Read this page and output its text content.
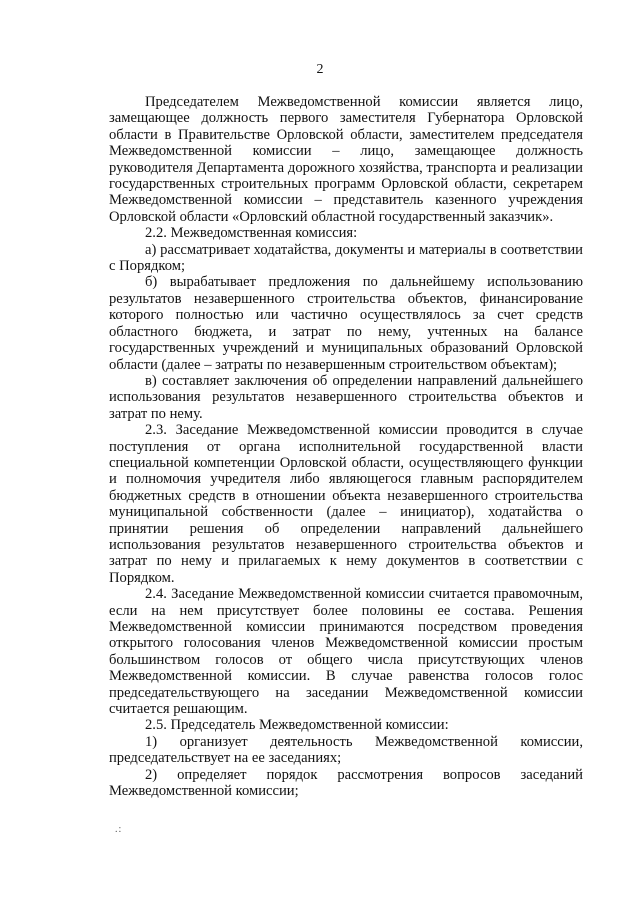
2

Председателем Межведомственной комиссии является лицо, замещающее должность первого заместителя Губернатора Орловской области в Правительстве Орловской области, заместителем председателя Межведомственной комиссии – лицо, замещающее должность руководителя Департамента дорожного хозяйства, транспорта и реализации государственных строительных программ Орловской области, секретарем Межведомственной комиссии – представитель казенного учреждения Орловской области «Орловский областной государственный заказчик».

2.2. Межведомственная комиссия:

а) рассматривает ходатайства, документы и материалы в соответствии с Порядком;

б) вырабатывает предложения по дальнейшему использованию результатов незавершенного строительства объектов, финансирование которого полностью или частично осуществлялось за счет средств областного бюджета, и затрат по нему, учтенных на балансе государственных учреждений и муниципальных образований Орловской области (далее – затраты по незавершенным строительством объектам);

в) составляет заключения об определении направлений дальнейшего использования результатов незавершенного строительства объектов и затрат по нему.

2.3. Заседание Межведомственной комиссии проводится в случае поступления от органа исполнительной государственной власти специальной компетенции Орловской области, осуществляющего функции и полномочия учредителя либо являющегося главным распорядителем бюджетных средств в отношении объекта незавершенного строительства муниципальной собственности (далее – инициатор), ходатайства о принятии решения об определении направлений дальнейшего использования результатов незавершенного строительства объектов и затрат по нему и прилагаемых к нему документов в соответствии с Порядком.

2.4. Заседание Межведомственной комиссии считается правомочным, если на нем присутствует более половины ее состава. Решения Межведомственной комиссии принимаются посредством проведения открытого голосования членов Межведомственной комиссии простым большинством голосов от общего числа присутствующих членов Межведомственной комиссии. В случае равенства голосов голос председательствующего на заседании Межведомственной комиссии считается решающим.

2.5. Председатель Межведомственной комиссии:

1) организует деятельность Межведомственной комиссии, председательствует на ее заседаниях;

2) определяет порядок рассмотрения вопросов заседаний Межведомственной комиссии;

.:
